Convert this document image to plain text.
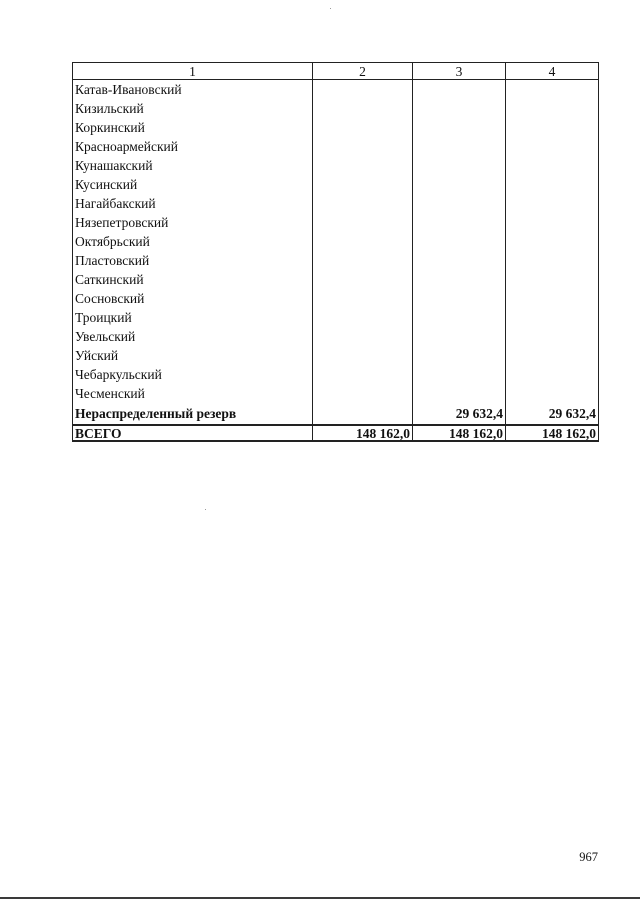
1	2	3	4
Катав-Ивановский			
Кизильский			
Коркинский			
Красноармейский			
Кунашакский			
Кусинский			
Нагайбакский			
Нязепетровский			
Октябрьский			
Пластовский			
Саткинский			
Сосновский			
Троицкий			
Увельский			
Уйский			
Чебаркульский			
Чесменский			
Нераспределенный резерв		29 632,4	29 632,4
ВСЕГО	148 162,0	148 162,0	148 162,0
967
